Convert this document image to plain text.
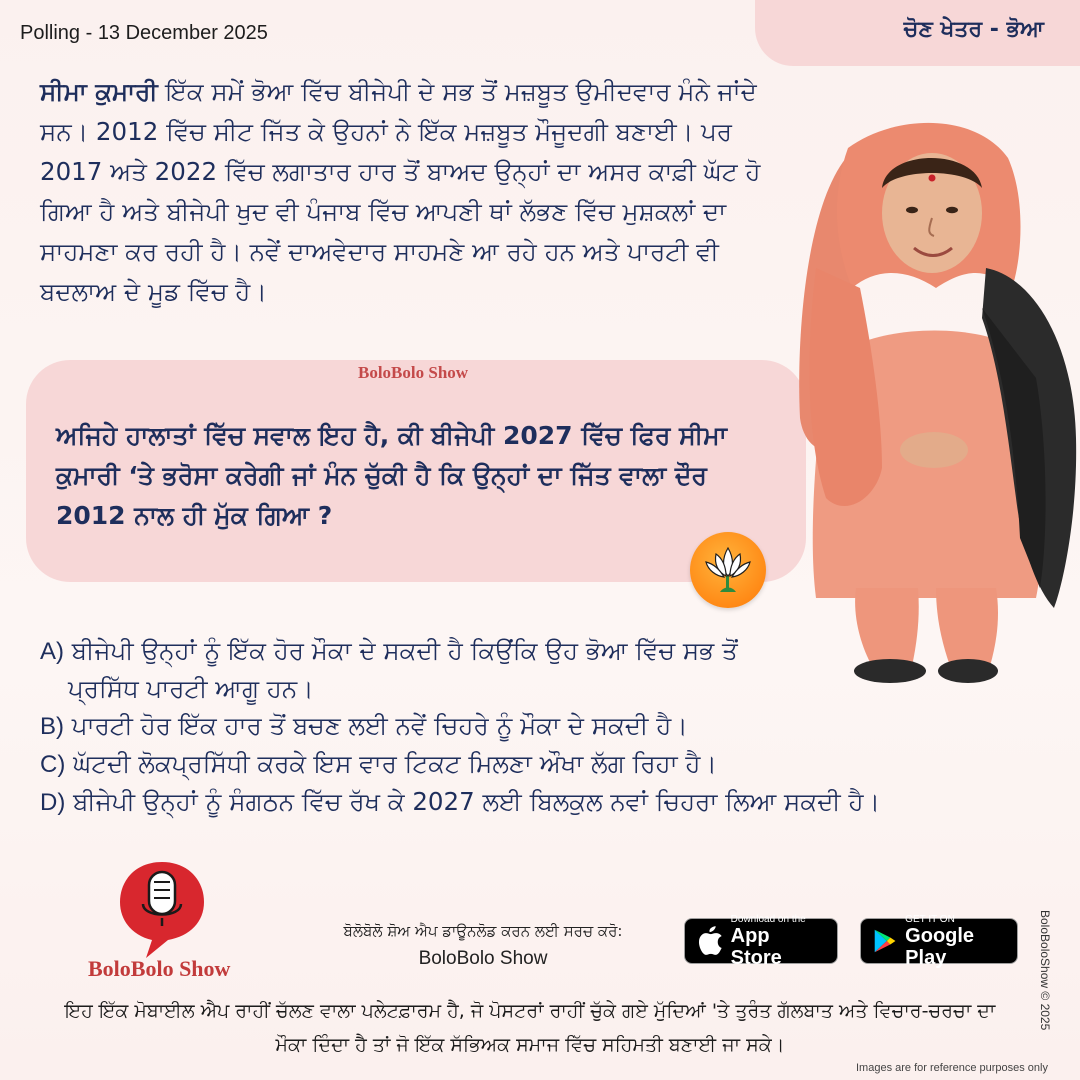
Polling - 13 December 2025	ਚੋਣ ਖੇਤਰ - ਭੋਆ
ਸੀਮਾ ਕੁਮਾਰੀ ਇੱਕ ਸਮੇਂ ਭੋਆ ਵਿੱਚ ਬੀਜੇਪੀ ਦੇ ਸਭ ਤੋਂ ਮਜ਼ਬੂਤ ਉਮੀਦਵਾਰ ਮੰਨੇ ਜਾਂਦੇ ਸਨ। 2012 ਵਿੱਚ ਸੀਟ ਜਿੱਤ ਕੇ ਉਹਨਾਂ ਨੇ ਇੱਕ ਮਜ਼ਬੂਤ ਮੌਜੂਦਗੀ ਬਣਾਈ। ਪਰ 2017 ਅਤੇ 2022 ਵਿੱਚ ਲਗਾਤਾਰ ਹਾਰ ਤੋਂ ਬਾਅਦ ਉਨ੍ਹਾਂ ਦਾ ਅਸਰ ਕਾਫ਼ੀ ਘੱਟ ਹੋ ਗਿਆ ਹੈ ਅਤੇ ਬੀਜੇਪੀ ਖੁਦ ਵੀ ਪੰਜਾਬ ਵਿੱਚ ਆਪਣੀ ਥਾਂ ਲੱਭਣ ਵਿੱਚ ਮੁਸ਼ਕਲਾਂ ਦਾ ਸਾਹਮਣਾ ਕਰ ਰਹੀ ਹੈ। ਨਵੇਂ ਦਾਅਵੇਦਾਰ ਸਾਹਮਣੇ ਆ ਰਹੇ ਹਨ ਅਤੇ ਪਾਰਟੀ ਵੀ ਬਦਲਾਅ ਦੇ ਮੂਡ ਵਿੱਚ ਹੈ।
BoloBolo Show
ਅਜਿਹੇ ਹਾਲਾਤਾਂ ਵਿੱਚ ਸਵਾਲ ਇਹ ਹੈ, ਕੀ ਬੀਜੇਪੀ 2027 ਵਿੱਚ ਫਿਰ ਸੀਮਾ ਕੁਮਾਰੀ ‘ਤੇ ਭਰੋਸਾ ਕਰੇਗੀ ਜਾਂ ਮੰਨ ਚੁੱਕੀ ਹੈ ਕਿ ਉਨ੍ਹਾਂ ਦਾ ਜਿੱਤ ਵਾਲਾ ਦੌਰ 2012 ਨਾਲ ਹੀ ਮੁੱਕ ਗਿਆ ?
A) ਬੀਜੇਪੀ ਉਨ੍ਹਾਂ ਨੂੰ ਇੱਕ ਹੋਰ ਮੌਕਾ ਦੇ ਸਕਦੀ ਹੈ ਕਿਉਂਕਿ ਉਹ ਭੋਆ ਵਿੱਚ ਸਭ ਤੋਂ
ਪ੍ਰਸਿੱਧ ਪਾਰਟੀ ਆਗੂ ਹਨ।
B) ਪਾਰਟੀ ਹੋਰ ਇੱਕ ਹਾਰ ਤੋਂ ਬਚਣ ਲਈ ਨਵੇਂ ਚਿਹਰੇ ਨੂੰ ਮੌਕਾ ਦੇ ਸਕਦੀ ਹੈ।
C) ਘੱਟਦੀ ਲੋਕਪ੍ਰਸਿੱਧੀ ਕਰਕੇ ਇਸ ਵਾਰ ਟਿਕਟ ਮਿਲਣਾ ਔਖਾ ਲੱਗ ਰਿਹਾ ਹੈ।
D) ਬੀਜੇਪੀ ਉਨ੍ਹਾਂ ਨੂੰ ਸੰਗਠਨ ਵਿੱਚ ਰੱਖ ਕੇ 2027 ਲਈ ਬਿਲਕੁਲ ਨਵਾਂ ਚਿਹਰਾ ਲਿਆ ਸਕਦੀ ਹੈ।
BoloBolo Show
ਬੋਲੋਬੋਲੋ ਸ਼ੋਅ ਐਪ ਡਾਊਨਲੋਡ ਕਰਨ ਲਈ ਸਰਚ ਕਰੋ:
BoloBolo Show
Download on the
App Store
GET IT ON
Google Play
ਇਹ ਇੱਕ ਮੋਬਾਈਲ ਐਪ ਰਾਹੀਂ ਚੱਲਣ ਵਾਲਾ ਪਲੇਟਫ਼ਾਰਮ ਹੈ, ਜੋ ਪੋਸਟਰਾਂ ਰਾਹੀਂ ਚੁੱਕੇ ਗਏ ਮੁੱਦਿਆਂ 'ਤੇ ਤੁਰੰਤ ਗੱਲਬਾਤ ਅਤੇ ਵਿਚਾਰ-ਚਰਚਾ ਦਾ ਮੌਕਾ ਦਿੰਦਾ ਹੈ ਤਾਂ ਜੋ ਇੱਕ ਸੱਭਿਅਕ ਸਮਾਜ ਵਿੱਚ ਸਹਿਮਤੀ ਬਣਾਈ ਜਾ ਸਕੇ।
BoloBoloShow © 2025
Images are for reference purposes only
